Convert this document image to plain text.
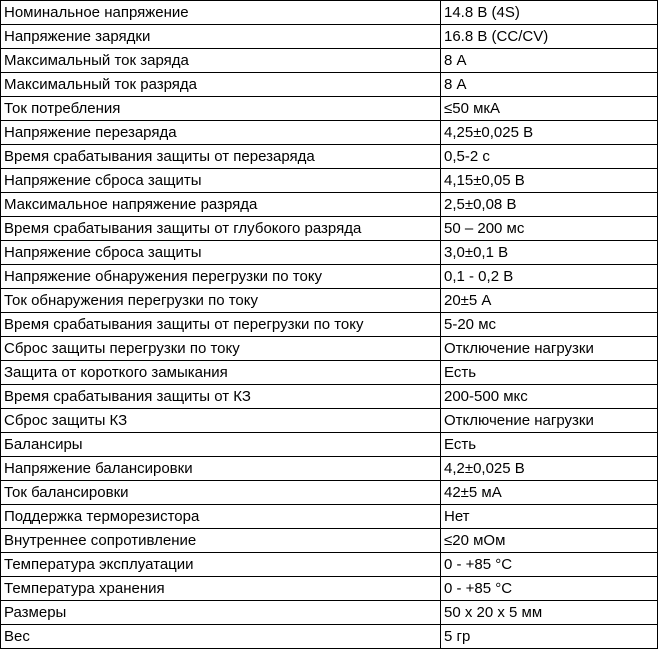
Номинальное напряжение	14.8 В (4S)
Напряжение зарядки	16.8 В (CC/CV)
Максимальный ток заряда	8 А
Максимальный ток разряда	8 А
Ток потребления	≤50 мкА
Напряжение перезаряда	4,25±0,025 В
Время срабатывания защиты от перезаряда	0,5-2 с
Напряжение сброса защиты	4,15±0,05 В
Максимальное напряжение разряда	2,5±0,08 В
Время срабатывания защиты от глубокого разряда	50 – 200 мс
Напряжение сброса защиты	3,0±0,1 В
Напряжение обнаружения перегрузки по току	0,1 - 0,2 В
Ток обнаружения перегрузки по току	20±5 А
Время срабатывания защиты от перегрузки по току	5-20 мс
Сброс защиты перегрузки по току	Отключение нагрузки
Защита от короткого замыкания	Есть
Время срабатывания защиты от КЗ	200-500 мкс
Сброс защиты КЗ	Отключение нагрузки
Балансиры	Есть
Напряжение балансировки	4,2±0,025 В
Ток балансировки	42±5 мА
Поддержка терморезистора	Нет
Внутреннее сопротивление	≤20 мОм
Температура эксплуатации	0 - +85 °С
Температура хранения	0 - +85 °С
Размеры	50 х 20 х 5 мм
Вес	5 гр
